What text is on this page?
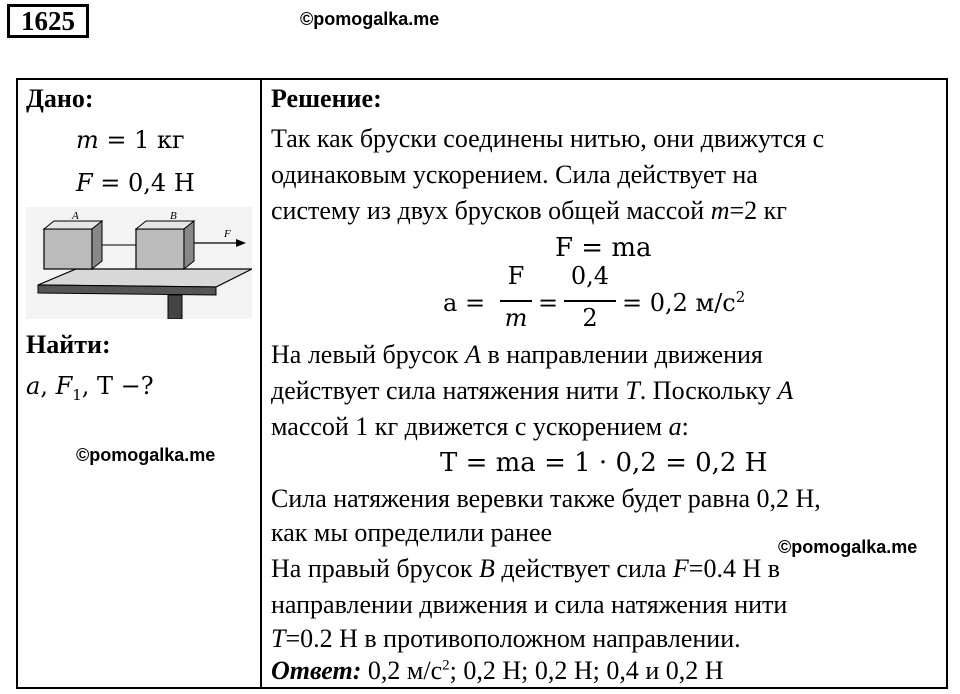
1625	©pomogalka.me
Дано:
m = 1 кг
F = 0,4 Н
A	B
F
Найти:
a, $F_1$, Т −?
©pomogalka.me
Решение:
Так как бруски соединены нитью, они движутся с
одинаковым ускорением. Сила действует на
систему из двух брусков общей массой m=2 кг
F = ma
a =
F
m
=
0,4
2
= 0,2 $м/с^2$
На левый брусок A в направлении движения
действует сила натяжения нити T. Поскольку A
массой 1 кг движется с ускорением a:
Т = ma = 1 · 0,2 = 0,2 Н
Сила натяжения веревки также будет равна 0,2 Н,
как мы определили ранее	©pomogalka.me
На правый брусок B действует сила F=0.4 Н в
направлении движения и сила натяжения нити
T=0.2 Н в противоположном направлении.
Ответ: 0,2 $м/с^2$; 0,2 Н; 0,2 Н; 0,4 и 0,2 Н
